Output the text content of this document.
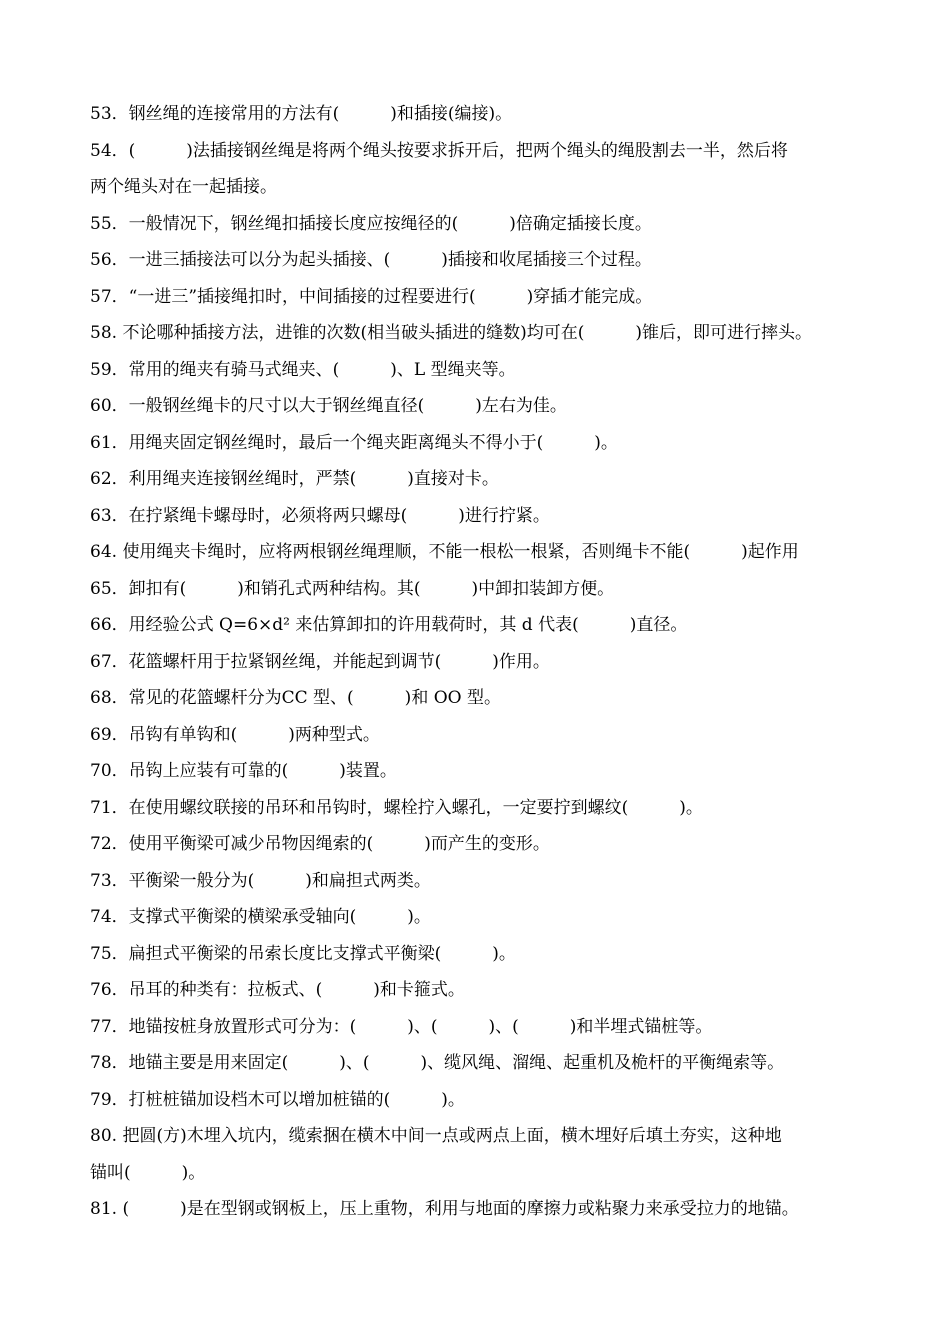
53．钢丝绳的连接常用的方法有(　　　)和插接(编接)。
54．(　　　)法插接钢丝绳是将两个绳头按要求拆开后，把两个绳头的绳股割去一半，然后将
两个绳头对在一起插接。
55．一般情况下，钢丝绳扣插接长度应按绳径的(　　　)倍确定插接长度。
56．一进三插接法可以分为起头插接、(　　　)插接和收尾插接三个过程。
57．“一进三”插接绳扣时，中间插接的过程要进行(　　　)穿插才能完成。
58. 不论哪种插接方法，进锥的次数(相当破头插进的缝数)均可在(　　　)锥后，即可进行摔头。
59．常用的绳夹有骑马式绳夹、(　　　)、L 型绳夹等。
60．一般钢丝绳卡的尺寸以大于钢丝绳直径(　　　)左右为佳。
61．用绳夹固定钢丝绳时，最后一个绳夹距离绳头不得小于(　　　)。
62．利用绳夹连接钢丝绳时，严禁(　　　)直接对卡。
63．在拧紧绳卡螺母时，必须将两只螺母(　　　)进行拧紧。
64. 使用绳夹卡绳时，应将两根钢丝绳理顺，不能一根松一根紧，否则绳卡不能(　　　)起作用
65．卸扣有(　　　)和销孔式两种结构。其(　　　)中卸扣装卸方便。
66．用经验公式 Q=6×d² 来估算卸扣的许用载荷时，其 d 代表(　　　)直径。
67．花篮螺杆用于拉紧钢丝绳，并能起到调节(　　　)作用。
68．常见的花篮螺杆分为CC 型、(　　　)和 OO 型。
69．吊钩有单钩和(　　　)两种型式。
70．吊钩上应装有可靠的(　　　)装置。
71．在使用螺纹联接的吊环和吊钩时，螺栓拧入螺孔，一定要拧到螺纹(　　　)。
72．使用平衡梁可减少吊物因绳索的(　　　)而产生的变形。
73．平衡梁一般分为(　　　)和扁担式两类。
74．支撑式平衡梁的横梁承受轴向(　　　)。
75．扁担式平衡梁的吊索长度比支撑式平衡梁(　　　)。
76．吊耳的种类有：拉板式、(　　　)和卡箍式。
77．地锚按桩身放置形式可分为：(　　　)、(　　　)、(　　　)和半埋式锚桩等。
78．地锚主要是用来固定(　　　)、(　　　)、缆风绳、溜绳、起重机及桅杆的平衡绳索等。
79．打桩桩锚加设档木可以增加桩锚的(　　　)。
80. 把圆(方)木埋入坑内，缆索捆在横木中间一点或两点上面，横木埋好后填土夯实，这种地
锚叫(　　　)。
81. (　　　)是在型钢或钢板上，压上重物，利用与地面的摩擦力或粘聚力来承受拉力的地锚。
